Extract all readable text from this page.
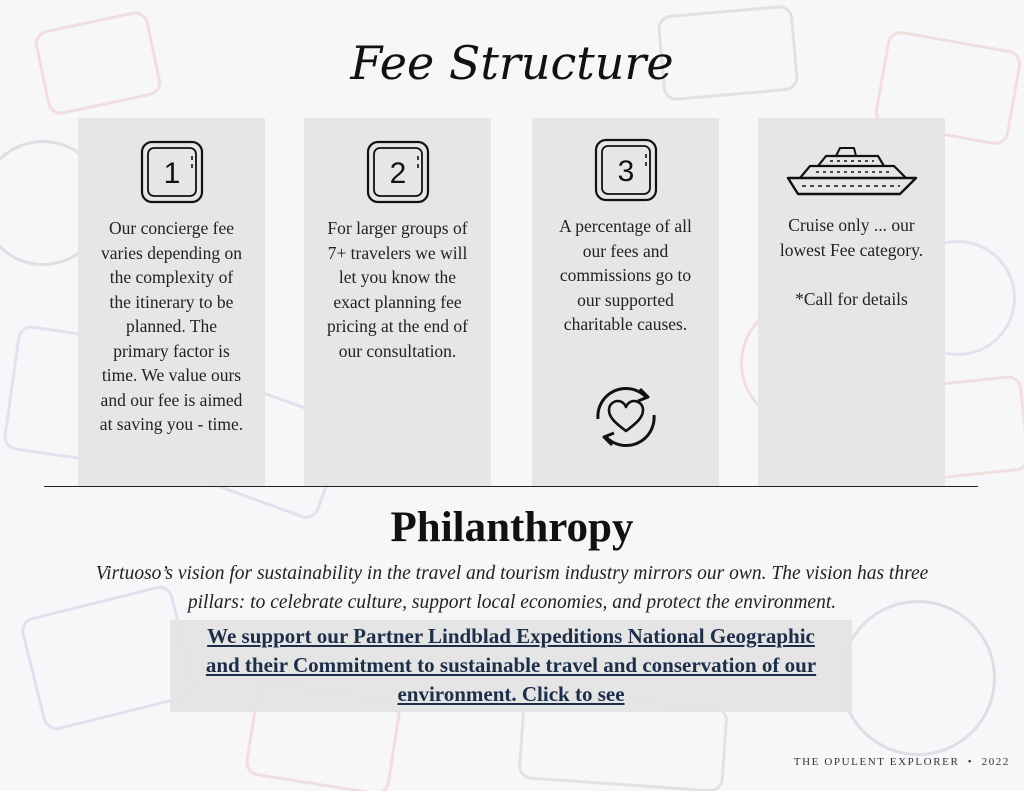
Fee Structure
1

Our concierge fee
varies depending on
the complexity of
the itinerary to be
planned. The
primary factor is
time. We value ours
and our fee is aimed
at saving you - time.

2

For larger groups of
7+ travelers we will
let you know the
exact planning fee
pricing at the end of
our consultation.

3

A percentage of all
our fees and
commissions go to
our supported
charitable causes.

Cruise only ... our
lowest Fee category.

*Call for details

Philanthropy

Virtuoso’s vision for sustainability in the travel and tourism industry mirrors our own. The vision has three pillars: to celebrate culture, support local economies, and protect the environment.

We support our Partner Lindblad Expeditions National Geographic
and their Commitment to sustainable travel and conservation of our
environment. Click to see
THE OPULENT EXPLORER • 2022
